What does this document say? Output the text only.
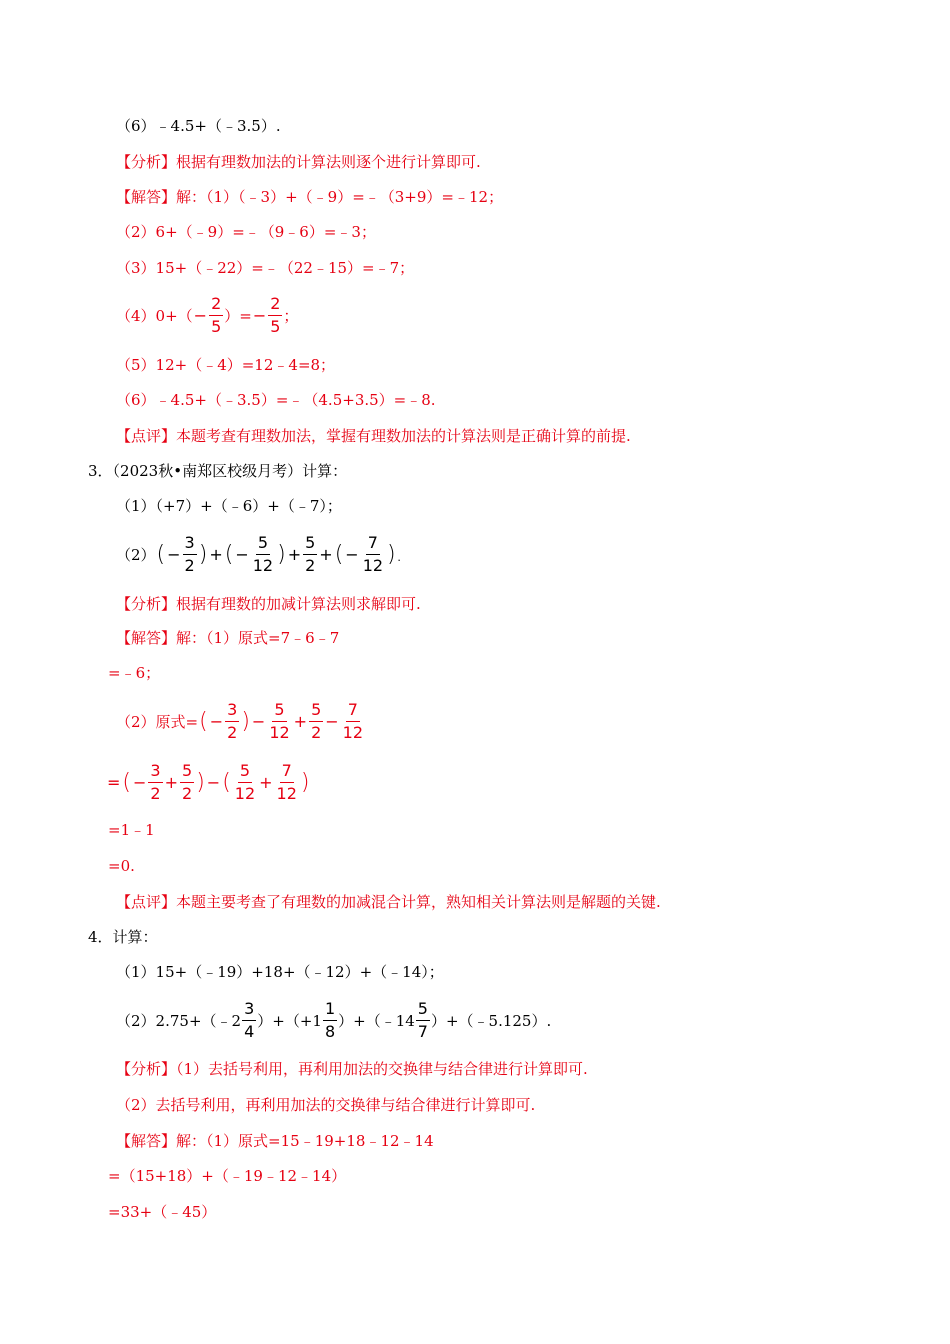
（6）﹣4.5+（﹣3.5）.
【分析】根据有理数加法的计算法则逐个进行计算即可.
【解答】解：（1）（﹣3）+（﹣9）=﹣（3+9）=﹣12；
（2）6+（﹣9）=﹣（9﹣6）=﹣3；
（3）15+（﹣22）=﹣（22﹣15）=﹣7；
$(4)0+( - \frac{2}{5}$ ）= − $\frac{2}{5}$ ；
（5）12+（﹣4）=12﹣4=8；
（6）﹣4.5+（﹣3.5）=﹣（4.5+3.5）=﹣8.
【点评】本题考查有理数加法，掌握有理数加法的计算法则是正确计算的前提.
3．（2023秋•南郑区校级月考）计算：
（1）（+7）+（﹣6）+（﹣7）；
（2） ( − $\frac{3}{2}$ ) + ( − $\frac{5}{12}$ ) + $\frac{5}{2}$ + ( − $\frac{7}{12}$ ).
【分析】根据有理数的加减计算法则求解即可.
【解答】解：（1）原式=7﹣6﹣7
=﹣6；
（2）原式= ( − $\frac{3}{2}$ ) − $\frac{5}{12} + \frac{5}{2} - \frac{7}{12}$
= ( − $\frac{3}{2} + \frac{5}{2}$ ) − ( $\frac{5}{12} + \frac{7}{12}$ )
=1﹣1
=0.
【点评】本题主要考查了有理数的加减混合计算，熟知相关计算法则是解题的关键.
4．计算：
（1）15+（﹣19）+18+（﹣12）+（﹣14）；
（2）2.75+（﹣2 $\frac{3}{4} )+(+1 \frac{1}{8}$ ）+（﹣14 $\frac{5}{7}$ ）+（﹣5.125）.
【分析】（1）去括号利用，再利用加法的交换律与结合律进行计算即可.
（2）去括号利用，再利用加法的交换律与结合律进行计算即可.
【解答】解：（1）原式=15﹣19+18﹣12﹣14
=（15+18）+（﹣19﹣12﹣14）
=33+（﹣45）
